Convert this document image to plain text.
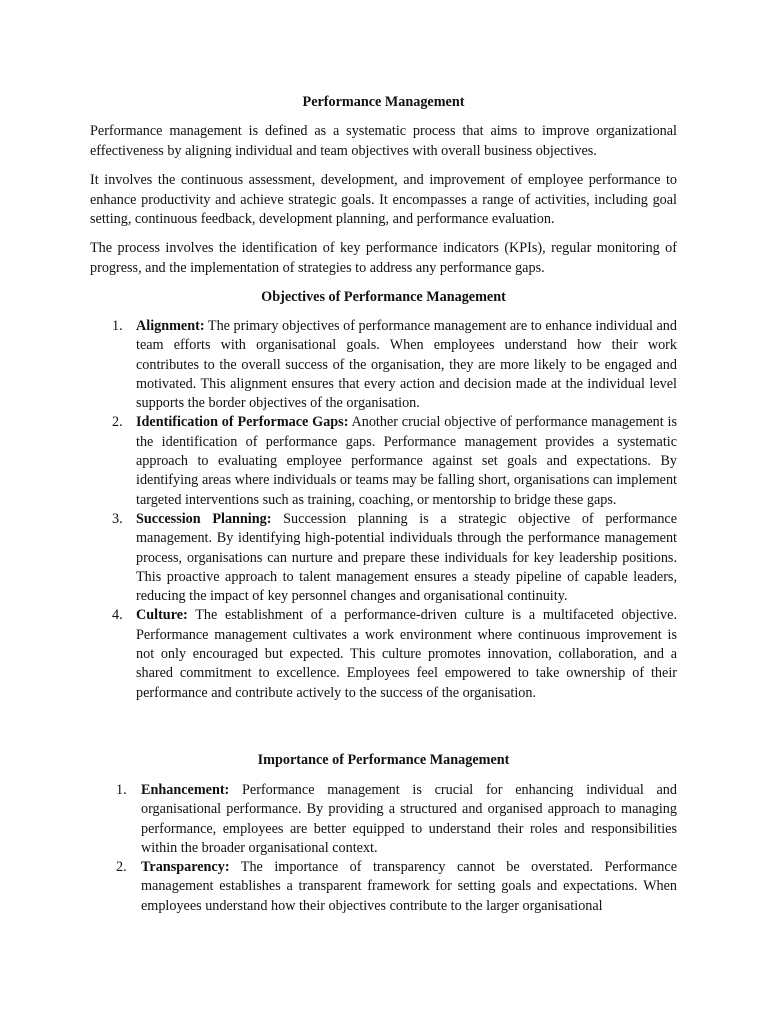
Performance Management

Performance management is defined as a systematic process that aims to improve organizational effectiveness by aligning individual and team objectives with overall business objectives.

It involves the continuous assessment, development, and improvement of employee performance to enhance productivity and achieve strategic goals. It encompasses a range of activities, including goal setting, continuous feedback, development planning, and performance evaluation.

The process involves the identification of key performance indicators (KPIs), regular monitoring of progress, and the implementation of strategies to address any performance gaps.

Objectives of Performance Management
1. Alignment: The primary objectives of performance management are to enhance individual and team efforts with organisational goals. When employees understand how their work contributes to the overall success of the organisation, they are more likely to be engaged and motivated. This alignment ensures that every action and decision made at the individual level supports the border objectives of the organisation.

2. Identification of Performace Gaps: Another crucial objective of performance management is the identification of performance gaps. Performance management provides a systematic approach to evaluating employee performance against set goals and expectations. By identifying areas where individuals or teams may be falling short, organisations can implement targeted interventions such as training, coaching, or mentorship to bridge these gaps.

3. Succession Planning: Succession planning is a strategic objective of performance management. By identifying high-potential individuals through the performance management process, organisations can nurture and prepare these individuals for key leadership positions. This proactive approach to talent management ensures a steady pipeline of capable leaders, reducing the impact of key personnel changes and organisational continuity.

4. Culture: The establishment of a performance-driven culture is a multifaceted objective. Performance management cultivates a work environment where continuous improvement is not only encouraged but expected. This culture promotes innovation, collaboration, and a shared commitment to excellence. Employees feel empowered to take ownership of their performance and contribute actively to the success of the organisation.

Importance of Performance Management
1. Enhancement: Performance management is crucial for enhancing individual and organisational performance. By providing a structured and organised approach to managing performance, employees are better equipped to understand their roles and responsibilities within the broader organisational context.

2. Transparency: The importance of transparency cannot be overstated. Performance management establishes a transparent framework for setting goals and expectations. When employees understand how their objectives contribute to the larger organisational
